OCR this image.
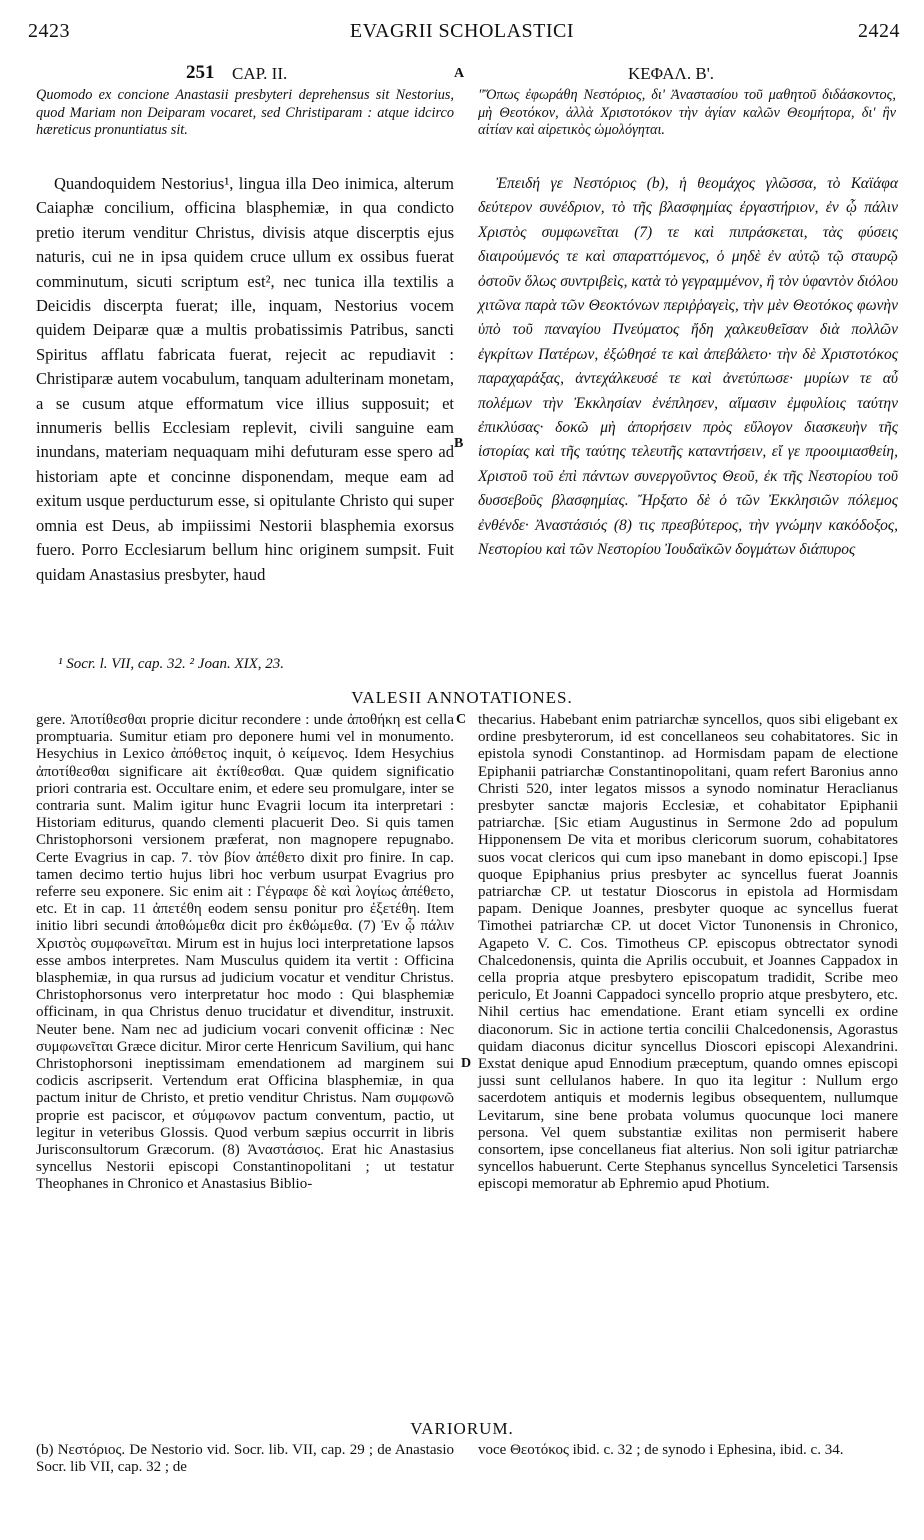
2423	EVAGRII SCHOLASTICI	2424
251 CAP. II.	ΚΕΦΑΛ. Β'.
A
B
C
D

Quomodo ex concione Anastasii presbyteri deprehensus sit Nestorius, quod Mariam non Deiparam vocaret, sed Christiparam : atque idcirco hæreticus pronuntiatus sit.

"Ὅπως ἐφωράθη Νεστόριος, δι' Ἀναστασίου τοῦ μαθητοῦ διδάσκοντος, μὴ Θεοτόκον, ἀλλὰ Χριστοτόκον τὴν ἁγίαν καλῶν Θεομήτορα, δι' ἣν αἰτίαν καὶ αἱρετικὸς ὡμολόγηται.

Quandoquidem Nestorius¹, lingua illa Deo inimica, alterum Caiaphæ concilium, officina blasphemiæ, in qua condicto pretio iterum venditur Christus, divisis atque discerptis ejus naturis, cui ne in ipsa quidem cruce ullum ex ossibus fuerat comminutum, sicuti scriptum est², nec tunica illa textilis a Deicidis discerpta fuerat; ille, inquam, Nestorius vocem quidem Deiparæ quæ a multis probatissimis Patribus, sancti Spiritus afflatu fabricata fuerat, rejecit ac repudiavit : Christiparæ autem vocabulum, tanquam adulterinam monetam, a se cusum atque efformatum vice illius supposuit; et innumeris bellis Ecclesiam replevit, civili sanguine eam inundans, materiam nequaquam mihi defuturam esse spero ad historiam apte et concinne disponendam, meque eam ad exitum usque perducturum esse, si opitulante Christo qui super omnia est Deus, ab impiissimi Nestorii blasphemia exorsus fuero. Porro Ecclesiarum bellum hinc originem sumpsit. Fuit quidam Anastasius presbyter, haud

Ἐπειδή γε Νεστόριος (b), ἡ θεομάχος γλῶσσα, τὸ Καϊάφα δεύτερον συνέδριον, τὸ τῆς βλασφημίας ἐργαστήριον, ἐν ᾧ πάλιν Χριστὸς συμφωνεῖται (7) τε καὶ πιπράσκεται, τὰς φύσεις διαιρούμενός τε καὶ σπαραττόμενος, ὁ μηδὲ ἐν αὐτῷ τῷ σταυρῷ ὀστοῦν ὅλως συντριβεὶς, κατὰ τὸ γεγραμμένον, ἢ τὸν ὑφαντὸν διόλου χιτῶνα παρὰ τῶν Θεοκτόνων περιῤῥαγεὶς, τὴν μὲν Θεοτόκος φωνὴν ὑπὸ τοῦ παναγίου Πνεύματος ἤδη χαλκευθεῖσαν διὰ πολλῶν ἐγκρίτων Πατέρων, ἐξώθησέ τε καὶ ἀπεβάλετο· τὴν δὲ Χριστοτόκος παραχαράξας, ἀντεχάλκευσέ τε καὶ ἀνετύπωσε· μυρίων τε αὖ πολέμων τὴν Ἐκκλησίαν ἐνέπλησεν, αἵμασιν ἐμφυλίοις ταύτην ἐπικλύσας· δοκῶ μὴ ἀπορήσειν πρὸς εὔλογον διασκευὴν τῆς ἱστορίας καὶ τῆς ταύτης τελευτῆς καταντήσειν, εἴ γε προοιμιασθείη, Χριστοῦ τοῦ ἐπὶ πάντων συνεργοῦντος Θεοῦ, ἐκ τῆς Νεστορίου τοῦ δυσσεβοῦς βλασφημίας. Ἤρξατο δὲ ὁ τῶν Ἐκκλησιῶν πόλεμος ἐνθένδε· Ἀναστάσιός (8) τις πρεσβύτερος, τὴν γνώμην κακόδοξος, Νεστορίου καὶ τῶν Νεστορίου Ἰουδαϊκῶν δογμάτων διάπυρος

¹ Socr. l. VII, cap. 32. ² Joan. XIX, 23.
VALESII ANNOTATIONES.

gere. Ἀποτίθεσθαι proprie dicitur recondere : unde ἀποθήκη est cella promptuaria. Sumitur etiam pro deponere humi vel in monumento. Hesychius in Lexico ἀπόθετος inquit, ὁ κείμενος. Idem Hesychius ἀποτίθεσθαι significare ait ἐκτίθεσθαι. Quæ quidem significatio priori contraria est. Occultare enim, et edere seu promulgare, inter se contraria sunt. Malim igitur hunc Evagrii locum ita interpretari : Historiam editurus, quando clementi placuerit Deo. Si quis tamen Christophorsoni versionem præferat, non magnopere repugnabo. Certe Evagrius in cap. 7. τὸν βίον ἀπέθετο dixit pro finire. In cap. tamen decimo tertio hujus libri hoc verbum usurpat Evagrius pro referre seu exponere. Sic enim ait : Γέγραφε δὲ καὶ λογίως ἀπέθετο, etc. Et in cap. 11 ἀπετέθη eodem sensu ponitur pro ἐξετέθη. Item initio libri secundi ἀποθώμεθα dicit pro ἐκθώμεθα. (7) Ἐν ᾧ πάλιν Χριστὸς συμφωνεῖται. Mirum est in hujus loci interpretatione lapsos esse ambos interpretes. Nam Musculus quidem ita vertit : Officina blasphemiæ, in qua rursus ad judicium vocatur et venditur Christus. Christophorsonus vero interpretatur hoc modo : Qui blasphemiæ officinam, in qua Christus denuo trucidatur et divenditur, instruxit. Neuter bene. Nam nec ad judicium vocari convenit officinæ : Nec συμφωνεῖται Græce dicitur. Miror certe Henricum Savilium, qui hanc Christophorsoni ineptissimam emendationem ad marginem sui codicis ascripserit. Vertendum erat Officina blasphemiæ, in qua pactum initur de Christo, et pretio venditur Christus. Nam συμφωνῶ proprie est paciscor, et σύμφωνον pactum conventum, pactio, ut legitur in veteribus Glossis. Quod verbum sæpius occurrit in libris Jurisconsultorum Græcorum. (8) Ἀναστάσιος. Erat hic Anastasius syncellus Nestorii episcopi Constantinopolitani ; ut testatur Theophanes in Chronico et Anastasius Biblio-

thecarius. Habebant enim patriarchæ syncellos, quos sibi eligebant ex ordine presbyterorum, id est concellaneos seu cohabitatores. Sic in epistola synodi Constantinop. ad Hormisdam papam de electione Epiphanii patriarchæ Constantinopolitani, quam refert Baronius anno Christi 520, inter legatos missos a synodo nominatur Heraclianus presbyter sanctæ majoris Ecclesiæ, et cohabitator Epiphanii patriarchæ. [Sic etiam Augustinus in Sermone 2do ad populum Hipponensem De vita et moribus clericorum suorum, cohabitatores suos vocat clericos qui cum ipso manebant in domo episcopi.] Ipse quoque Epiphanius prius presbyter ac syncellus fuerat Joannis patriarchæ CP. ut testatur Dioscorus in epistola ad Hormisdam papam. Denique Joannes, presbyter quoque ac syncellus fuerat Timothei patriarchæ CP. ut docet Victor Tunonensis in Chronico, Agapeto V. C. Cos. Timotheus CP. episcopus obtrectator synodi Chalcedonensis, quinta die Aprilis occubuit, et Joannes Cappadox in cella propria atque presbytero episcopatum tradidit, Scribe meo periculo, Et Joanni Cappadoci syncello proprio atque presbytero, etc. Nihil certius hac emendatione. Erant etiam syncelli ex ordine diaconorum. Sic in actione tertia concilii Chalcedonensis, Agorastus quidam diaconus dicitur syncellus Dioscori episcopi Alexandrini. Exstat denique apud Ennodium præceptum, quando omnes episcopi jussi sunt cellulanos habere. In quo ita legitur : Nullum ergo sacerdotem antiquis et modernis legibus obsequentem, nullumque Levitarum, sine bene probata volumus quocunque loci manere persona. Vel quem substantiæ exilitas non permiserit habere consortem, ipse concellaneus fiat alterius. Non soli igitur patriarchæ syncellos habuerunt. Certe Stephanus syncellus Synceletici Tarsensis episcopi memoratur ab Ephremio apud Photium.

VARIORUM.

(b) Νεστόριος. De Nestorio vid. Socr. lib. VII, cap. 29 ; de Anastasio Socr. lib VII, cap. 32 ; de

voce Θεοτόκος ibid. c. 32 ; de synodo i Ephesina, ibid. c. 34.
